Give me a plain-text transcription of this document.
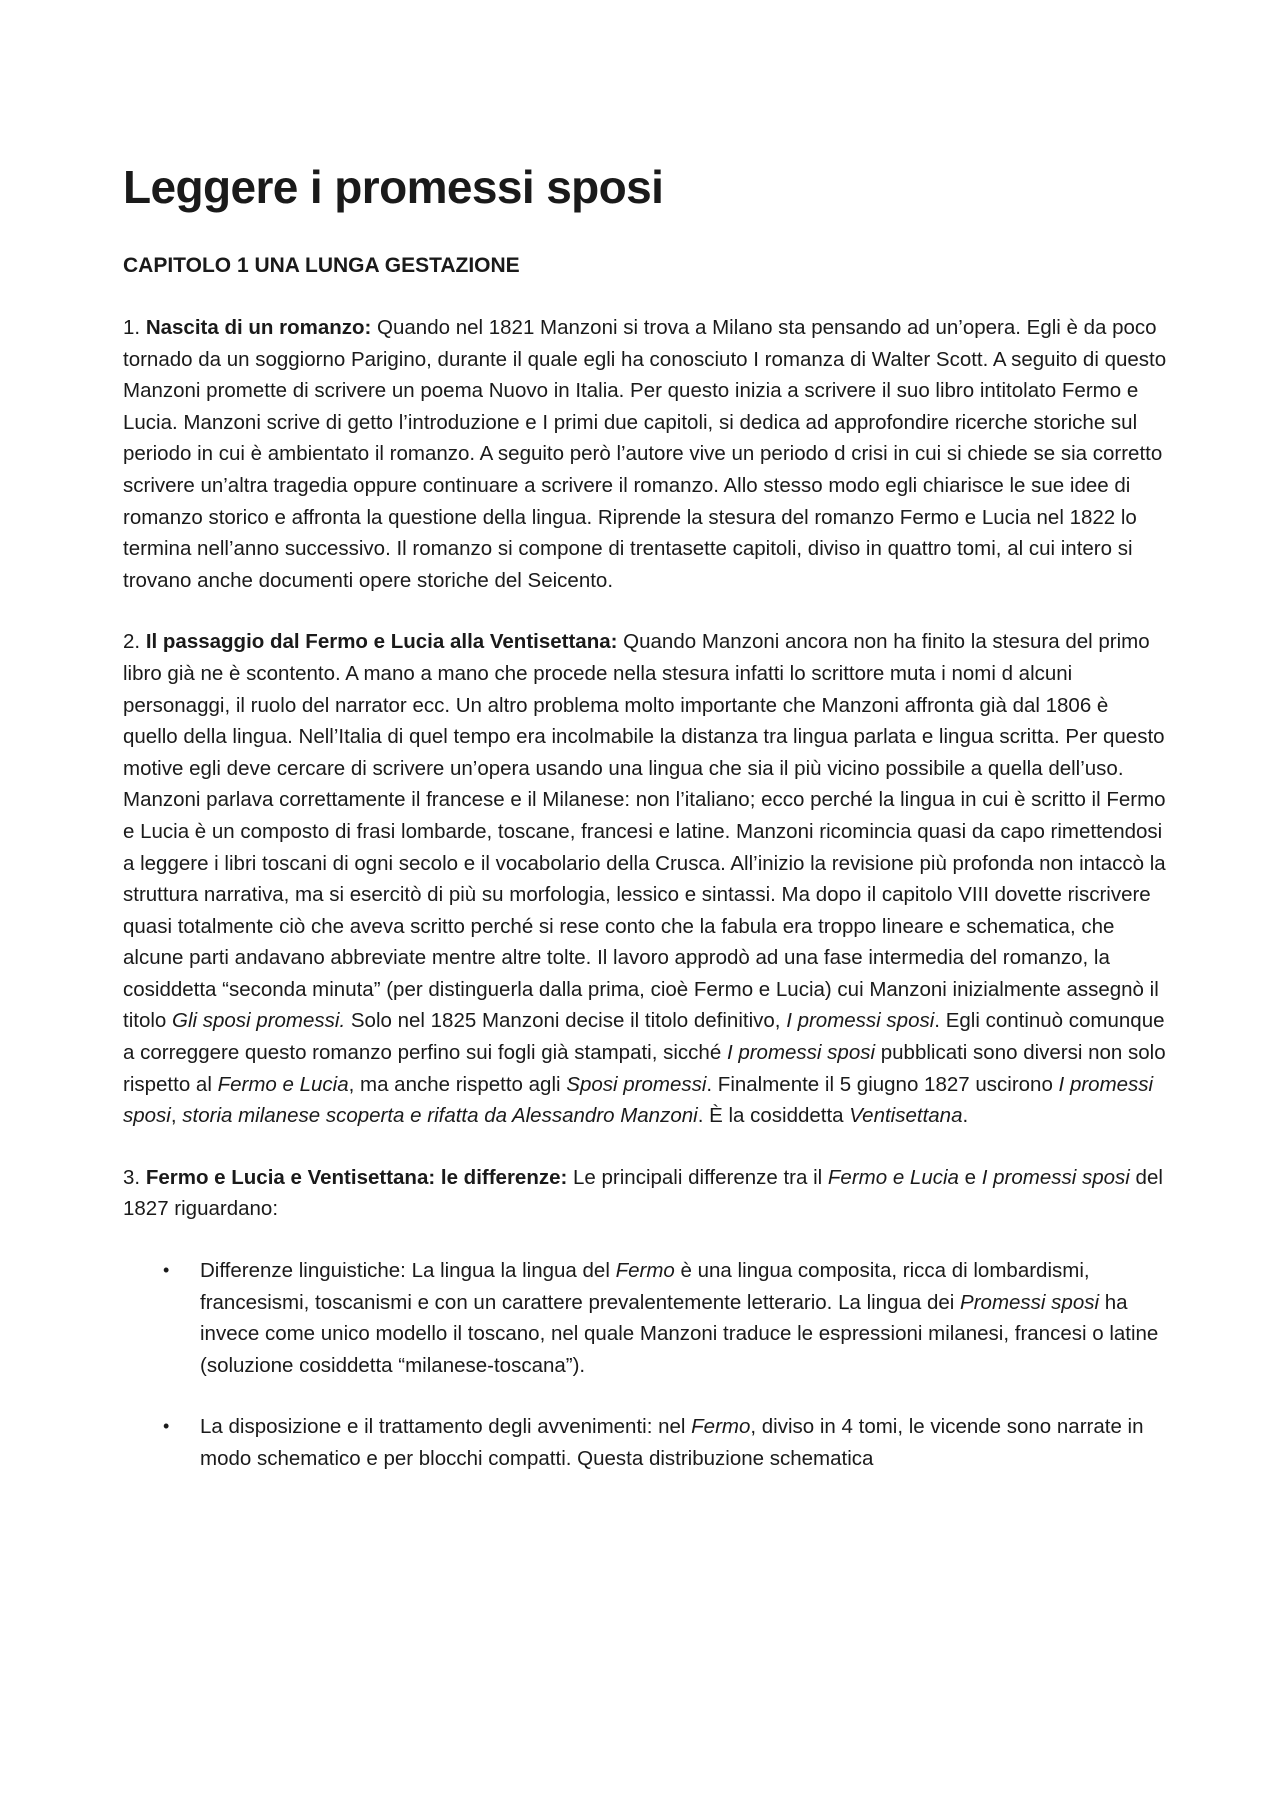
Leggere i promessi sposi
CAPITOLO 1 UNA LUNGA GESTAZIONE

1. Nascita di un romanzo: Quando nel 1821 Manzoni si trova a Milano sta pensando ad un’opera. Egli è da poco tornado da un soggiorno Parigino, durante il quale egli ha conosciuto I romanza di Walter Scott. A seguito di questo Manzoni promette di scrivere un poema Nuovo in Italia. Per questo inizia a scrivere il suo libro intitolato Fermo e Lucia. Manzoni scrive di getto l’introduzione e I primi due capitoli, si dedica ad approfondire ricerche storiche sul periodo in cui è ambientato il romanzo. A seguito però l’autore vive un periodo d crisi in cui si chiede se sia corretto scrivere un’altra tragedia oppure continuare a scrivere il romanzo. Allo stesso modo egli chiarisce le sue idee di romanzo storico e affronta la questione della lingua. Riprende la stesura del romanzo Fermo e Lucia nel 1822 lo termina nell’anno successivo. Il romanzo si compone di trentasette capitoli, diviso in quattro tomi, al cui intero si trovano anche documenti opere storiche del Seicento.

2. Il passaggio dal Fermo e Lucia alla Ventisettana: Quando Manzoni ancora non ha finito la stesura del primo libro già ne è scontento. A mano a mano che procede nella stesura infatti lo scrittore muta i nomi d alcuni personaggi, il ruolo del narrator ecc. Un altro problema molto importante che Manzoni affronta già dal 1806 è quello della lingua. Nell’Italia di quel tempo era incolmabile la distanza tra lingua parlata e lingua scritta. Per questo motive egli deve cercare di scrivere un’opera usando una lingua che sia il più vicino possibile a quella dell’uso. Manzoni parlava correttamente il francese e il Milanese: non l’italiano; ecco perché la lingua in cui è scritto il Fermo e Lucia è un composto di frasi lombarde, toscane, francesi e latine. Manzoni ricomincia quasi da capo rimettendosi a leggere i libri toscani di ogni secolo e il vocabolario della Crusca. All’inizio la revisione più profonda non intaccò la struttura narrativa, ma si esercitò di più su morfologia, lessico e sintassi. Ma dopo il capitolo VIII dovette riscrivere quasi totalmente ciò che aveva scritto perché si rese conto che la fabula era troppo lineare e schematica, che alcune parti andavano abbreviate mentre altre tolte. Il lavoro approdò ad una fase intermedia del romanzo, la cosiddetta “seconda minuta” (per distinguerla dalla prima, cioè Fermo e Lucia) cui Manzoni inizialmente assegnò il titolo Gli sposi promessi. Solo nel 1825 Manzoni decise il titolo definitivo, I promessi sposi. Egli continuò comunque a correggere questo romanzo perfino sui fogli già stampati, sicché I promessi sposi pubblicati sono diversi non solo rispetto al Fermo e Lucia, ma anche rispetto agli Sposi promessi. Finalmente il 5 giugno 1827 uscirono I promessi sposi, storia milanese scoperta e rifatta da Alessandro Manzoni. È la cosiddetta Ventisettana.

3. Fermo e Lucia e Ventisettana: le differenze: Le principali differenze tra il Fermo e Lucia e I promessi sposi del 1827 riguardano:

• Differenze linguistiche: La lingua la lingua del Fermo è una lingua composita, ricca di lombardismi, francesismi, toscanismi e con un carattere prevalentemente letterario. La lingua dei Promessi sposi ha invece come unico modello il toscano, nel quale Manzoni traduce le espressioni milanesi, francesi o latine (soluzione cosiddetta “milanese-toscana”).
• La disposizione e il trattamento degli avvenimenti: nel Fermo, diviso in 4 tomi, le vicende sono narrate in modo schematico e per blocchi compatti. Questa distribuzione schematica
